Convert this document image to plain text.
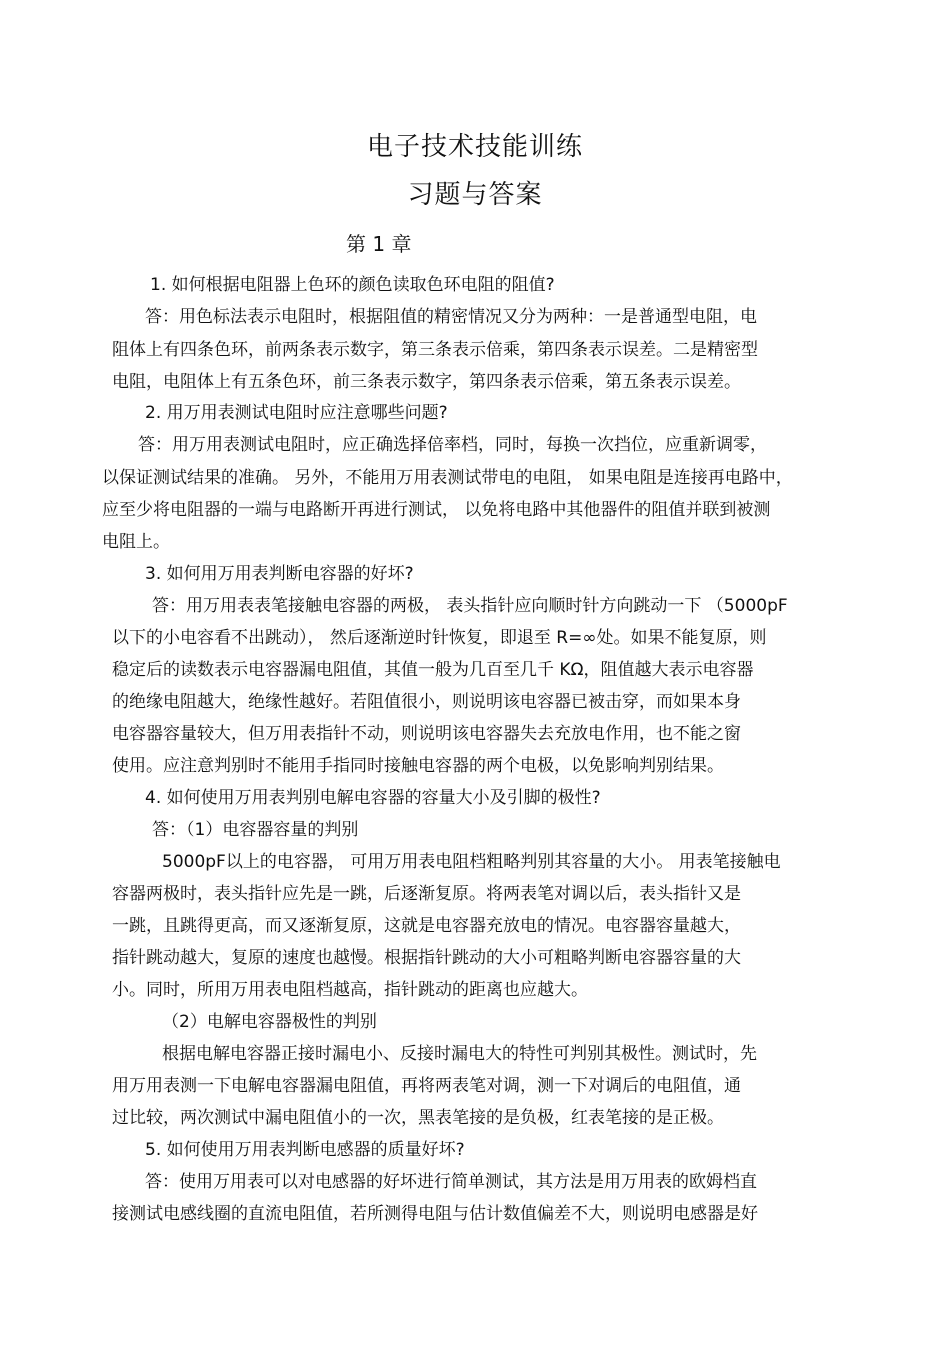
电子技术技能训练
习题与答案
第 1 章
1. 如何根据电阻器上色环的颜色读取色环电阻的阻值?
答：用色标法表示电阻时，根据阻值的精密情况又分为两种：一是普通型电阻，电
阻体上有四条色环，前两条表示数字，第三条表示倍乘，第四条表示误差。二是精密型
电阻，电阻体上有五条色环，前三条表示数字，第四条表示倍乘，第五条表示误差。
2. 用万用表测试电阻时应注意哪些问题?
答：用万用表测试电阻时，应正确选择倍率档，同时，每换一次挡位，应重新调零，
以保证测试结果的准确。 另外，不能用万用表测试带电的电阻， 如果电阻是连接再电路中，
应至少将电阻器的一端与电路断开再进行测试， 以免将电路中其他器件的阻值并联到被测
电阻上。
3. 如何用万用表判断电容器的好坏?
答：用万用表表笔接触电容器的两极， 表头指针应向顺时针方向跳动一下 （5000pF
以下的小电容看不出跳动）， 然后逐渐逆时针恢复，即退至 R=∞处。如果不能复原，则
稳定后的读数表示电容器漏电阻值，其值一般为几百至几千 KΩ，阻值越大表示电容器
的绝缘电阻越大，绝缘性越好。若阻值很小，则说明该电容器已被击穿，而如果本身
电容器容量较大，但万用表指针不动，则说明该电容器失去充放电作用，也不能之窗
使用。应注意判别时不能用手指同时接触电容器的两个电极，以免影响判别结果。
4. 如何使用万用表判别电解电容器的容量大小及引脚的极性?
答：（1）电容器容量的判别
5000pF以上的电容器， 可用万用表电阻档粗略判别其容量的大小。 用表笔接触电
容器两极时，表头指针应先是一跳，后逐渐复原。将两表笔对调以后，表头指针又是
一跳，且跳得更高，而又逐渐复原，这就是电容器充放电的情况。电容器容量越大，
指针跳动越大，复原的速度也越慢。根据指针跳动的大小可粗略判断电容器容量的大
小。同时，所用万用表电阻档越高，指针跳动的距离也应越大。
（2）电解电容器极性的判别
根据电解电容器正接时漏电小、反接时漏电大的特性可判别其极性。测试时，先
用万用表测一下电解电容器漏电阻值，再将两表笔对调，测一下对调后的电阻值，通
过比较，两次测试中漏电阻值小的一次，黑表笔接的是负极，红表笔接的是正极。
5. 如何使用万用表判断电感器的质量好坏?
答：使用万用表可以对电感器的好坏进行简单测试，其方法是用万用表的欧姆档直
接测试电感线圈的直流电阻值，若所测得电阻与估计数值偏差不大，则说明电感器是好
